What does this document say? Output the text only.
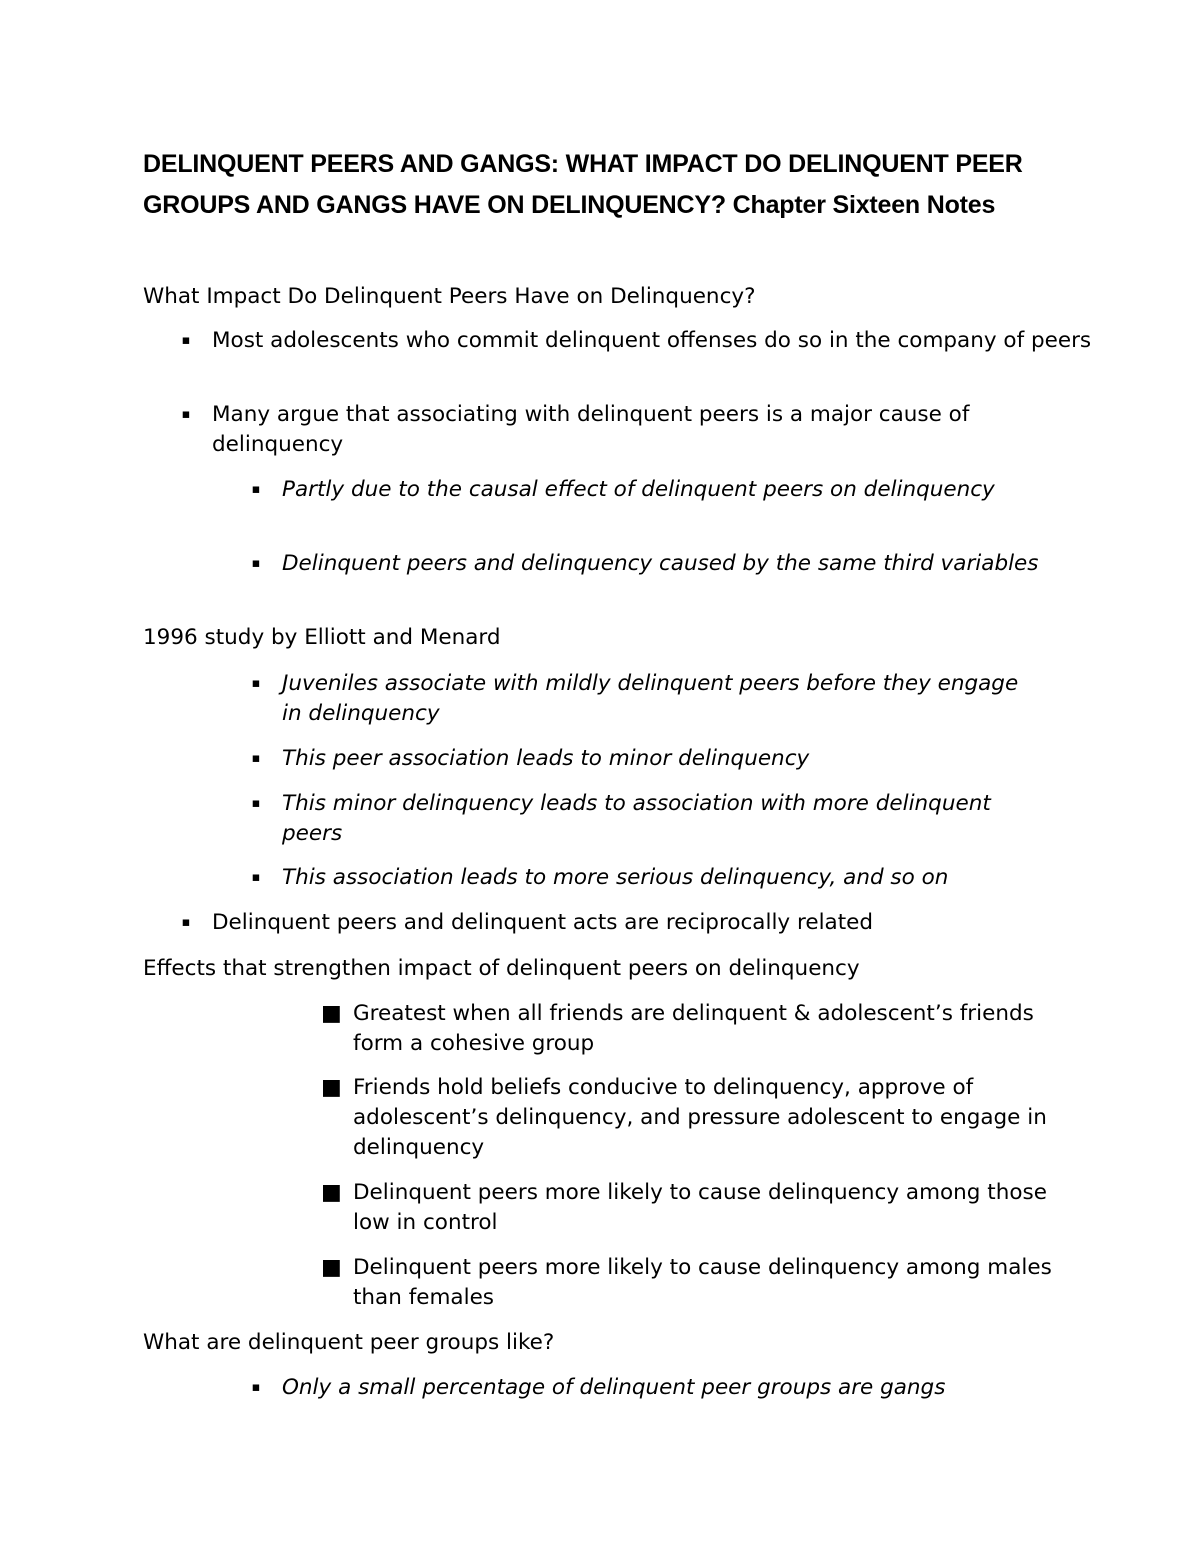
DELINQUENT PEERS AND GANGS: WHAT IMPACT DO DELINQUENT PEER GROUPS AND GANGS HAVE ON DELINQUENCY? Chapter Sixteen Notes
What Impact Do Delinquent Peers Have on Delinquency?
▪ Most adolescents who commit delinquent offenses do so in the company of peers
▪ Many argue that associating with delinquent peers is a major cause of delinquency
▪ Partly due to the causal effect of delinquent peers on delinquency
▪ Delinquent peers and delinquency caused by the same third variables
1996 study by Elliott and Menard
▪ Juveniles associate with mildly delinquent peers before they engage in delinquency
▪ This peer association leads to minor delinquency
▪ This minor delinquency leads to association with more delinquent peers
▪ This association leads to more serious delinquency, and so on
▪ Delinquent peers and delinquent acts are reciprocally related
Effects that strengthen impact of delinquent peers on delinquency
■ Greatest when all friends are delinquent & adolescent’s friends form a cohesive group
■ Friends hold beliefs conducive to delinquency, approve of adolescent’s delinquency, and pressure adolescent to engage in delinquency
■ Delinquent peers more likely to cause delinquency among those low in control
■ Delinquent peers more likely to cause delinquency among males than females
What are delinquent peer groups like?
▪ Only a small percentage of delinquent peer groups are gangs
